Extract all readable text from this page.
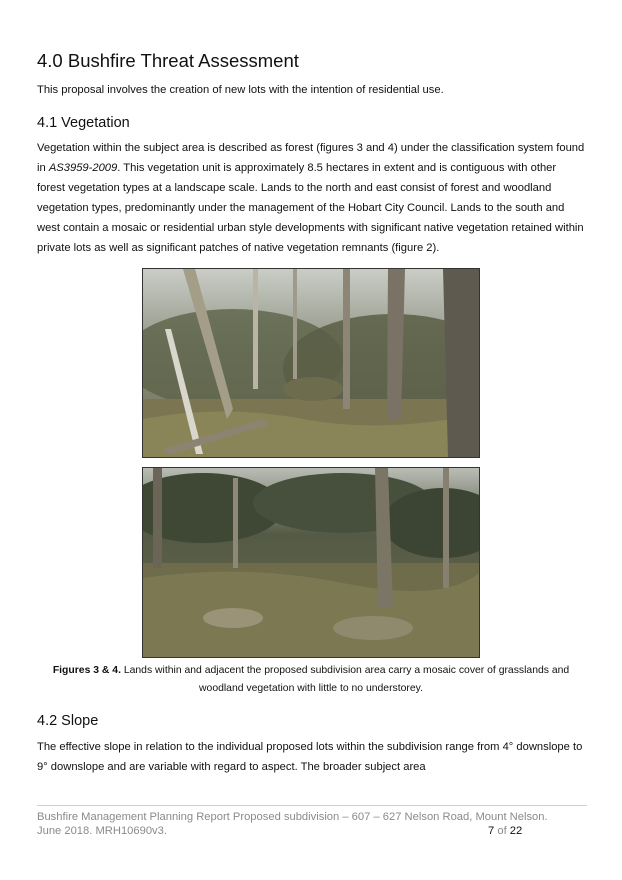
4.0 Bushfire Threat Assessment

This proposal involves the creation of new lots with the intention of residential use.

4.1 Vegetation

Vegetation within the subject area is described as forest (figures 3 and 4) under the classification system found in AS3959-2009. This vegetation unit is approximately 8.5 hectares in extent and is contiguous with other forest vegetation types at a landscape scale. Lands to the north and east consist of forest and woodland vegetation types, predominantly under the management of the Hobart City Council. Lands to the south and west contain a mosaic or residential urban style developments with significant native vegetation retained within private lots as well as significant patches of native vegetation remnants (figure 2).

Figures 3 & 4. Lands within and adjacent the proposed subdivision area carry a mosaic cover of grasslands and woodland vegetation with little to no understorey.

4.2 Slope

The effective slope in relation to the individual proposed lots within the subdivision range from 4° downslope to 9° downslope and are variable with regard to aspect. The broader subject area

Bushfire Management Planning Report Proposed subdivision – 607 – 627 Nelson Road, Mount Nelson.
June 2018. MRH10690v3.	7 of 22
